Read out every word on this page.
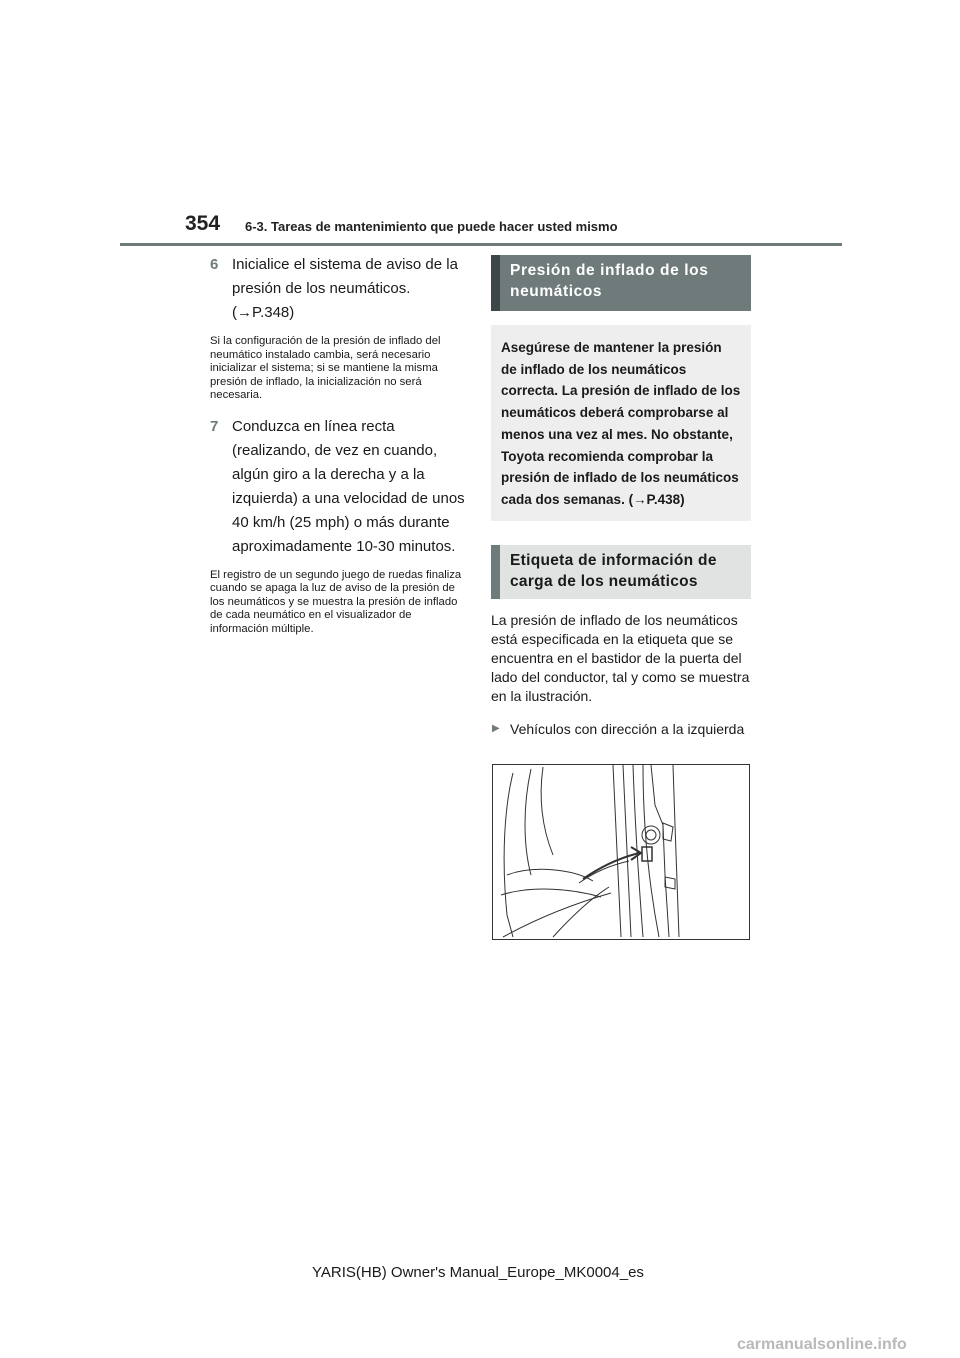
354 6-3. Tareas de mantenimiento que puede hacer usted mismo
6 Inicialice el sistema de aviso de la presión de los neumáticos. (→P.348)
Si la configuración de la presión de inflado del neumático instalado cambia, será necesario inicializar el sistema; si se mantiene la misma presión de inflado, la inicialización no será necesaria.
7 Conduzca en línea recta (realizando, de vez en cuando, algún giro a la derecha y a la izquierda) a una velocidad de unos 40 km/h (25 mph) o más durante aproximadamente 10-30 minutos.
El registro de un segundo juego de ruedas finaliza cuando se apaga la luz de aviso de la presión de los neumáticos y se muestra la presión de inflado de cada neumático en el visualizador de información múltiple.
Presión de inflado de los neumáticos
Asegúrese de mantener la presión de inflado de los neumáticos correcta. La presión de inflado de los neumáticos deberá comprobarse al menos una vez al mes. No obstante, Toyota recomienda comprobar la presión de inflado de los neumáticos cada dos semanas. (→P.438)
Etiqueta de información de carga de los neumáticos
La presión de inflado de los neumáticos está especificada en la etiqueta que se encuentra en el bastidor de la puerta del lado del conductor, tal y como se muestra en la ilustración.
▶ Vehículos con dirección a la izquierda
YARIS(HB) Owner's Manual_Europe_MK0004_es
carmanualsonline.info
